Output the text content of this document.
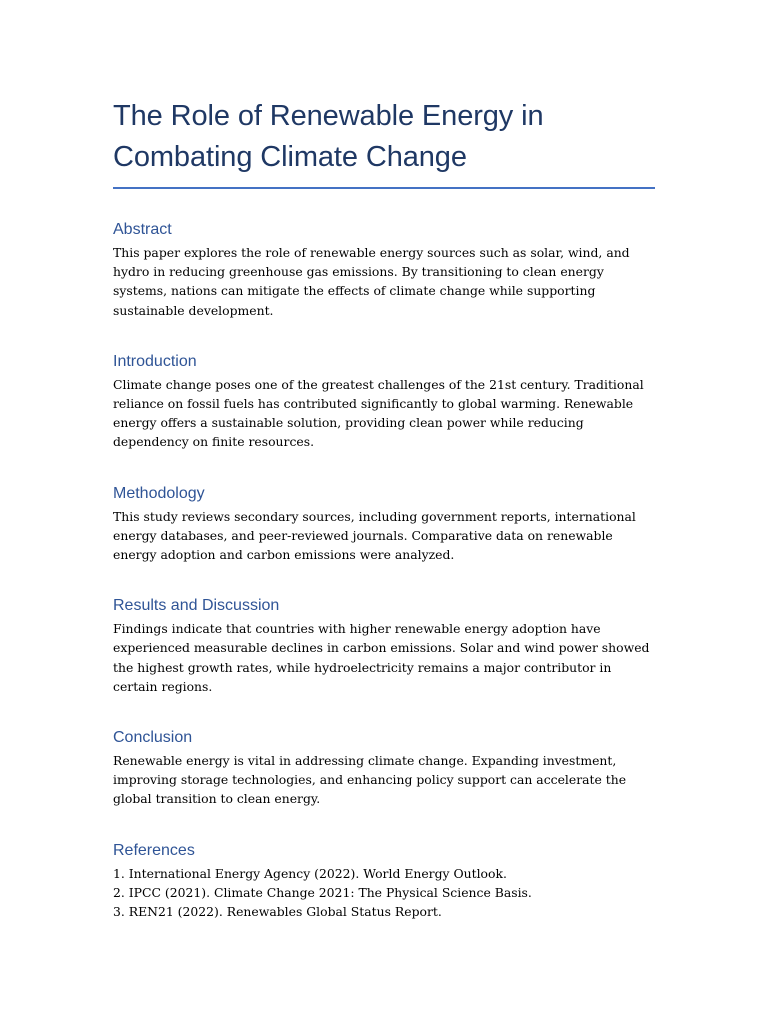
The Role of Renewable Energy in
Combating Climate Change
Abstract

This paper explores the role of renewable energy sources such as solar, wind, and hydro in reducing greenhouse gas emissions. By transitioning to clean energy systems, nations can mitigate the effects of climate change while supporting sustainable development.

Introduction

Climate change poses one of the greatest challenges of the 21st century. Traditional reliance on fossil fuels has contributed significantly to global warming. Renewable energy offers a sustainable solution, providing clean power while reducing dependency on finite resources.

Methodology

This study reviews secondary sources, including government reports, international energy databases, and peer-reviewed journals. Comparative data on renewable energy adoption and carbon emissions were analyzed.

Results and Discussion

Findings indicate that countries with higher renewable energy adoption have experienced measurable declines in carbon emissions. Solar and wind power showed the highest growth rates, while hydroelectricity remains a major contributor in certain regions.

Conclusion

Renewable energy is vital in addressing climate change. Expanding investment, improving storage technologies, and enhancing policy support can accelerate the global transition to clean energy.

References
1. International Energy Agency (2022). World Energy Outlook.
2. IPCC (2021). Climate Change 2021: The Physical Science Basis.
3. REN21 (2022). Renewables Global Status Report.
